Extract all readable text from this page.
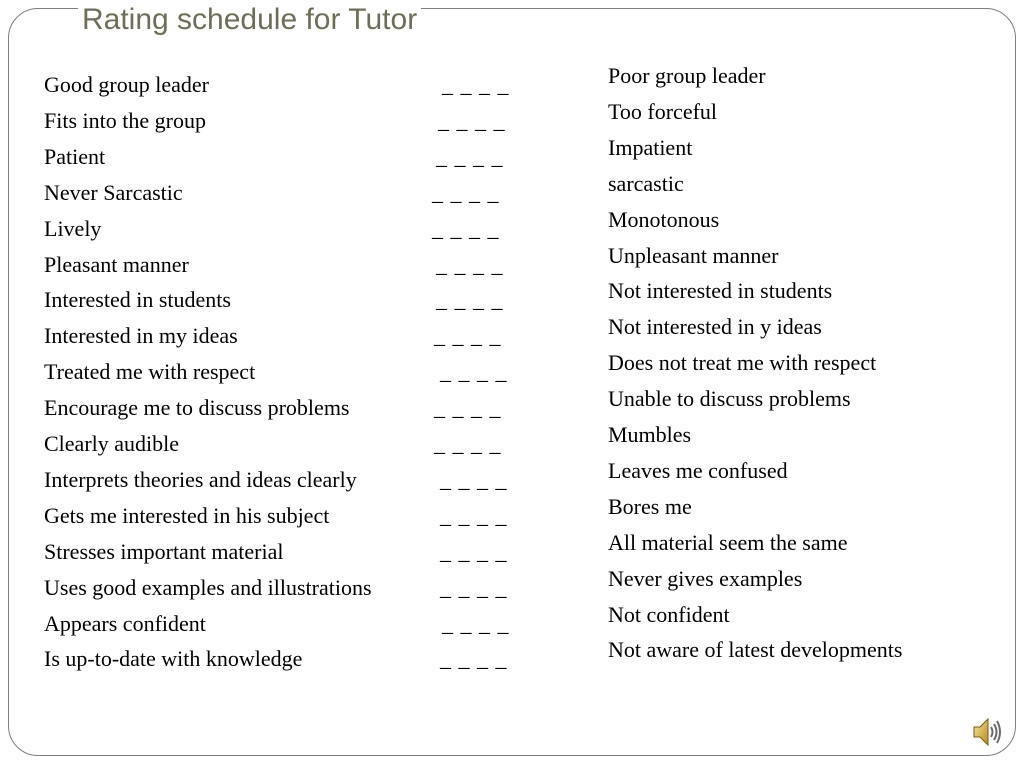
Rating schedule for Tutor
Good group leader
Fits into the group
Patient
Never Sarcastic
Lively
Pleasant manner
Interested in students
Interested in my ideas
Treated me with respect
Encourage me to discuss problems
Clearly audible
Interprets theories and ideas clearly
Gets me interested in his subject
Stresses important material
Uses good examples and illustrations
Appears confident
Is up-to-date with knowledge
_ _ _ _
_ _ _ _
_ _ _ _
_ _ _ _
_ _ _ _
_ _ _ _
_ _ _ _
_ _ _ _
_ _ _ _
_ _ _ _
_ _ _ _
_ _ _ _
_ _ _ _
_ _ _ _
_ _ _ _
_ _ _ _
_ _ _ _
Poor group leader
Too forceful
Impatient
sarcastic
Monotonous
Unpleasant manner
Not interested in students
Not interested in y ideas
Does not treat me with respect
Unable to discuss problems
Mumbles
Leaves me confused
Bores me
All material seem the same
Never gives examples
Not confident
Not aware of latest developments
